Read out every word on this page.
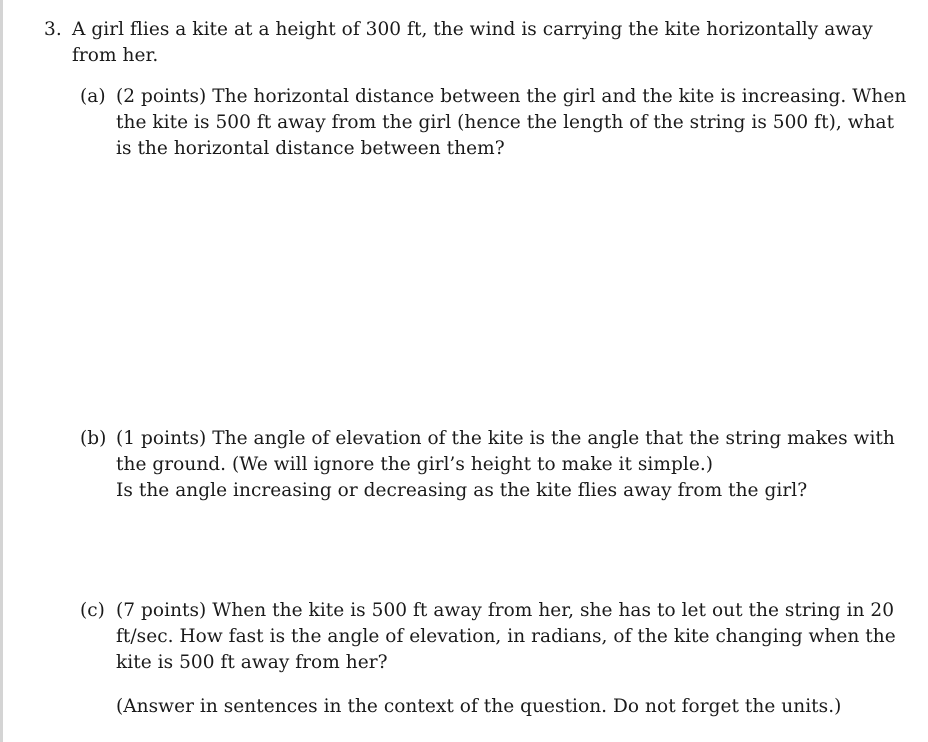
3. A girl flies a kite at a height of 300 ft, the wind is carrying the kite horizontally away
from her.
(a) (2 points) The horizontal distance between the girl and the kite is increasing. When
the kite is 500 ft away from the girl (hence the length of the string is 500 ft), what
is the horizontal distance between them?
(b) (1 points) The angle of elevation of the kite is the angle that the string makes with
the ground. (We will ignore the girl’s height to make it simple.)
Is the angle increasing or decreasing as the kite flies away from the girl?
(c) (7 points) When the kite is 500 ft away from her, she has to let out the string in 20
ft/sec. How fast is the angle of elevation, in radians, of the kite changing when the
kite is 500 ft away from her?
(Answer in sentences in the context of the question. Do not forget the units.)
